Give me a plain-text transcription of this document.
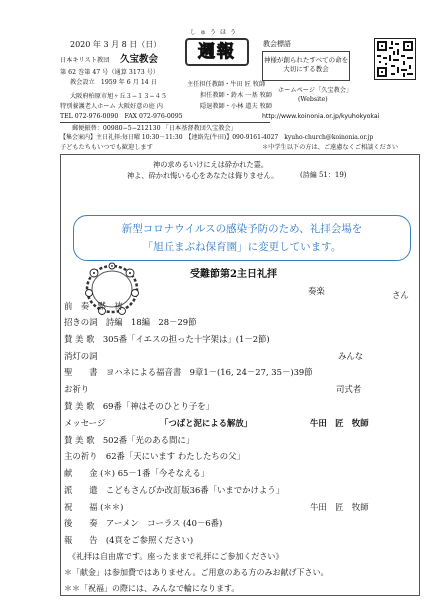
2020 年 3 月 8 日（日）
日本キリスト教団 久宝教会
第 62 巻第 47 号（通算 3173 号）
教会設立　1959 年 6 月 14 日
大阪府柏原市旭ヶ丘３−１３−４５
特別養護老人ホーム 大阪好意の庭 内
TEL 072-976-0090　FAX 072-976-0095
しゅうほう
週報
主任担任教師・牛田 匠 牧師
担任教師・鈴木 一基 牧師
隠退教師・小林 道夫 牧師
教会標語
神様が創られたすべての命を
大切にする教会
ホームページ「久宝教会」
(Website)
http://www.koinonia.or.jp/kyuhokyokai
郵便振替：00980−5−212130 「日本基督教団久宝教会」
【集会案内】主日礼拝:毎日曜 10:30－11:30　【連絡先(牛田)】090-9161-4027　kyuho-church@koinonia.or.jp
子どもたちもいつでも歓迎します	＊中学生以下の方は、ご遠慮なくご相談ください
神の求めるいけにえは砕かれた霊。
神よ、砕かれ悔いる心をあなたは侮りません。	(詩編 51：19)
新型コロナウイルスの感染予防のため、礼拝会場を
「旭丘まぶね保育園」に変更しています。
受難節第2主日礼拝
奏楽	さん
前　奏　黙　祷
招きの詞　詩編　18編　28－29節
賛 美 歌　305番「イエスの担った十字架は」(1－2節)
消灯の詞	みんな
聖　　書　ヨハネによる福音書　9章1－(16, 24－27, 35－)39節
お祈り	司式者
賛 美 歌　69番「神はそのひとり子を」
メッセージ	「つばと泥による解放」	牛田　匠　牧師
賛 美 歌　502番「光のある間に」
主の祈り　62番「天にいます わたしたちの父」
献　　金 (＊) 65－1番「今そなえる」
派　　遣　こどもさんびか改訂版36番「いまでかけよう」
祝　　福 (＊＊)	牛田　匠　牧師
後　　奏　アーメン　コーラス (40－6番)
報　　告　(4頁をご参照ください)
《礼拝は自由席です。座ったままで礼拝にご参加ください》
＊「献金」は参加費ではありません。ご用意のある方のみお献げ下さい。
＊＊「祝福」の際には、みんなで輪になります。
